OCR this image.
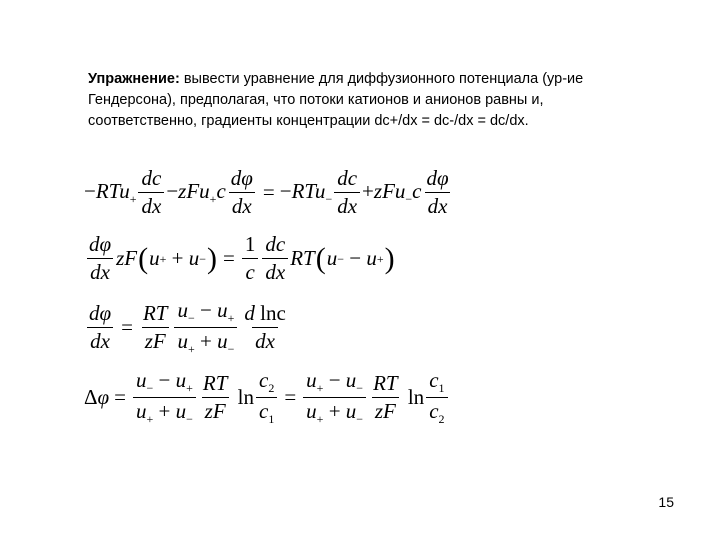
Упражнение: вывести уравнение для диффузионного потенциала (ур-ие Гендерсона), предполагая, что потоки катионов и анионов равны и, соответственно, градиенты концентрации dc+/dx = dc-/dx = dc/dx.

$-RTu_+ \frac{dc}{dx} -zFu_+c \frac{d\varphi}{dx} = -RTu_- \frac{dc}{dx} +zFu_-c \frac{d\varphi}{dx}$
$\frac{d\varphi}{dx}$ zF ( u + + u − ) = $\frac{1}{c} \frac{dc}{dx}$ RT ( u − − u + )
$\frac{d\varphi}{dx} = \frac{RT}{zF} \frac{u_- - u_+}{u_+ + u_-} \frac{\text{d lnc}}{dx}$
$\Delta\varphi = \frac{u_- - u_+}{u_+ + u_-} \frac{RT}{zF}$ $\ln \frac{c_2}{c_1} = \frac{u_+ - u_-}{u_+ + u_-} \frac{RT}{zF}$ $\ln \frac{c_1}{c_2}$
15
